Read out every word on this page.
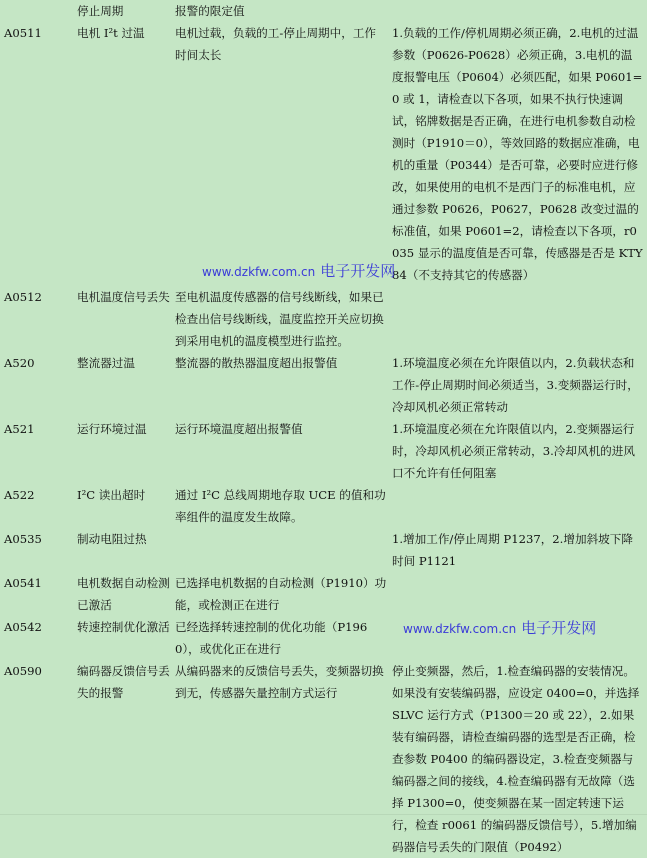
	停止周期	报警的限定值	
A0511	电机 I²t 过温	电机过载，负载的工-停止周期中，工作时间太长	1.负载的工作/停机周期必须正确，2.电机的过温参数（P0626-P0628）必须正确，3.电机的温度报警电压（P0604）必须匹配，如果 P0601=0 或 1，请检查以下各项，如果不执行快速调试，铭牌数据是否正确，在进行电机参数自动检测时（P1910＝0），等效回路的数据应准确，电机的重量（P0344）是否可靠，必要时应进行修改，如果使用的电机不是西门子的标准电机，应通过参数 P0626，P0627，P0628 改变过温的标准值，如果 P0601=2，请检查以下各项，r0035 显示的温度值是否可靠，传感器是否是 KTY84（不支持其它的传感器）
A0512	电机温度信号丢失	至电机温度传感器的信号线断线，如果已检查出信号线断线，温度监控开关应切换到采用电机的温度模型进行监控。	
A520	整流器过温	整流器的散热器温度超出报警值	1.环境温度必须在允许限值以内，2.负载状态和工作-停止周期时间必须适当，3.变频器运行时，冷却风机必须正常转动
A521	运行环境过温	运行环境温度超出报警值	1.环境温度必须在允许限值以内，2.变频器运行时，冷却风机必须正常转动，3.冷却风机的进风口不允许有任何阻塞
A522	I²C 读出超时	通过 I²C 总线周期地存取 UCE 的值和功率组件的温度发生故障。	
A0535	制动电阻过热		1.增加工作/停止周期 P1237，2.增加斜坡下降时间 P1121
A0541	电机数据自动检测已激活	已选择电机数据的自动检测（P1910）功能，或检测正在进行	
A0542	转速控制优化激活	已经选择转速控制的优化功能（P1960），或优化正在进行	
A0590	编码器反馈信号丢失的报警	从编码器来的反馈信号丢失，变频器切换到无，传感器矢量控制方式运行	停止变频器，然后，1.检查编码器的安装情况。如果没有安装编码器，应设定 0400=0，并选择 SLVC 运行方式（P1300＝20 或 22），2.如果装有编码器，请检查编码器的选型是否正确，检查参数 P0400 的编码器设定，3.检查变频器与编码器之间的接线，4.检查编码器有无故障（选择 P1300=0，使变频器在某一固定转速下运行，检查 r0061 的编码器反馈信号），5.增加编码器信号丢失的门限值（P0492）
www.dzkfw.com.cn 电子开发网
www.dzkfw.com.cn 电子开发网
